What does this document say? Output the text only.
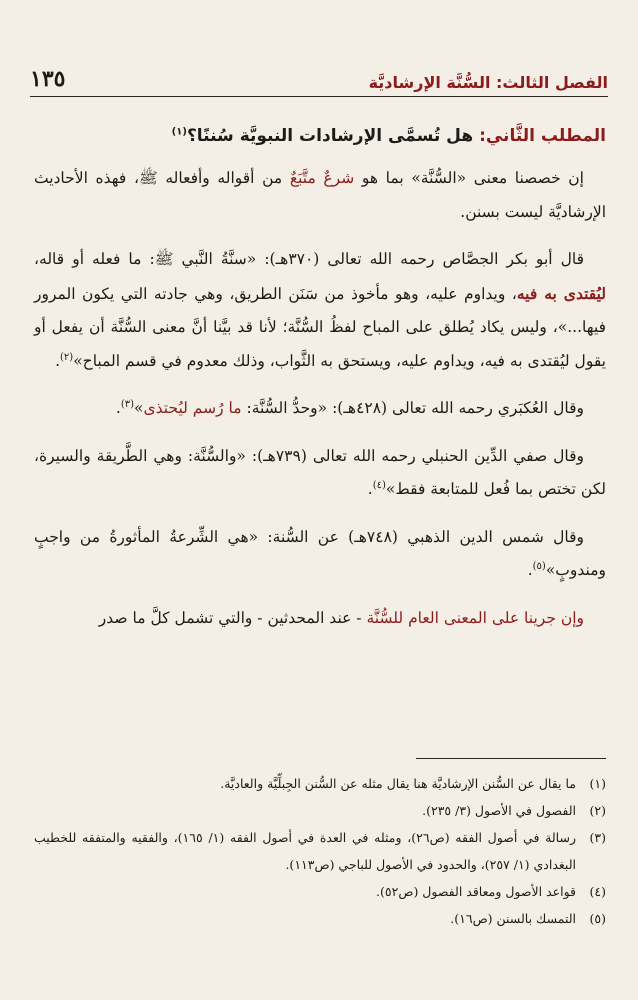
الفصل الثالث: السُّنَّة الإرشاديَّة
١٣٥
المطلب الثَّاني: هل تُسمَّى الإرشادات النبويَّة سُننًا؟$^{(١)}$

إن خصصنا معنى «السُّنَّة» بما هو شرعٌ متَّبَعٌ من أقواله وأفعاله ﷺ، فهذه الأحاديث الإرشاديَّة ليست بسنن.

قال أبو بكر الجصَّاص رحمه الله تعالى (٣٧٠هـ): «سنَّةُ النَّبي ﷺ: ما فعله أو قاله، ليُقتدى به فيه، ويداوم عليه، وهو مأخوذ من سَنَن الطريق، وهي جادته التي يكون المرور فيها...»، وليس يكاد يُطلق على المباح لفظُ السُّنَّة؛ لأنا قد بيَّنا أنَّ معنى السُّنَّة أن يفعل أو يقول ليُقتدى به فيه، ويداوم عليه، ويستحق به الثَّواب، وذلك معدوم في قسم المباح»$^{(٢)}$.

وقال العُكبَري رحمه الله تعالى (٤٢٨هـ): «وحدُّ السُّنَّة: ما رُسم ليُحتذى»$^{(٣)}$.

وقال صفي الدِّين الحنبلي رحمه الله تعالى (٧٣٩هـ): «والسُّنَّة: وهي الطَّريقة والسيرة، لكن تختص بما فُعل للمتابعة فقط»$^{(٤)}$.

وقال شمس الدين الذهبي (٧٤٨هـ) عن السُّنة: «هي الشِّرعةُ المأثورةُ من واجبٍ ومندوبٍ»$^{(٥)}$.

وإن جرينا على المعنى العام للسُّنَّة - عند المحدثين - والتي تشمل كلَّ ما صدر

(١)
ما يقال عن السُّنن الإرشاديَّة هنا يقال مثله عن السُّنن الجِبلِّيَّة والعاديَّة.
(٢)
الفصول في الأصول (٣/ ٢٣٥).
(٣)
رسالة في أصول الفقه (ص٢٦)، ومثله في العدة في أصول الفقه (١/ ١٦٥)، والفقيه والمتفقه للخطيب البغدادي (١/ ٢٥٧)، والحدود في الأصول للباجي (ص١١٣).
(٤)
قواعد الأصول ومعاقد الفصول (ص٥٢).
(٥)
التمسك بالسنن (ص١٦).
